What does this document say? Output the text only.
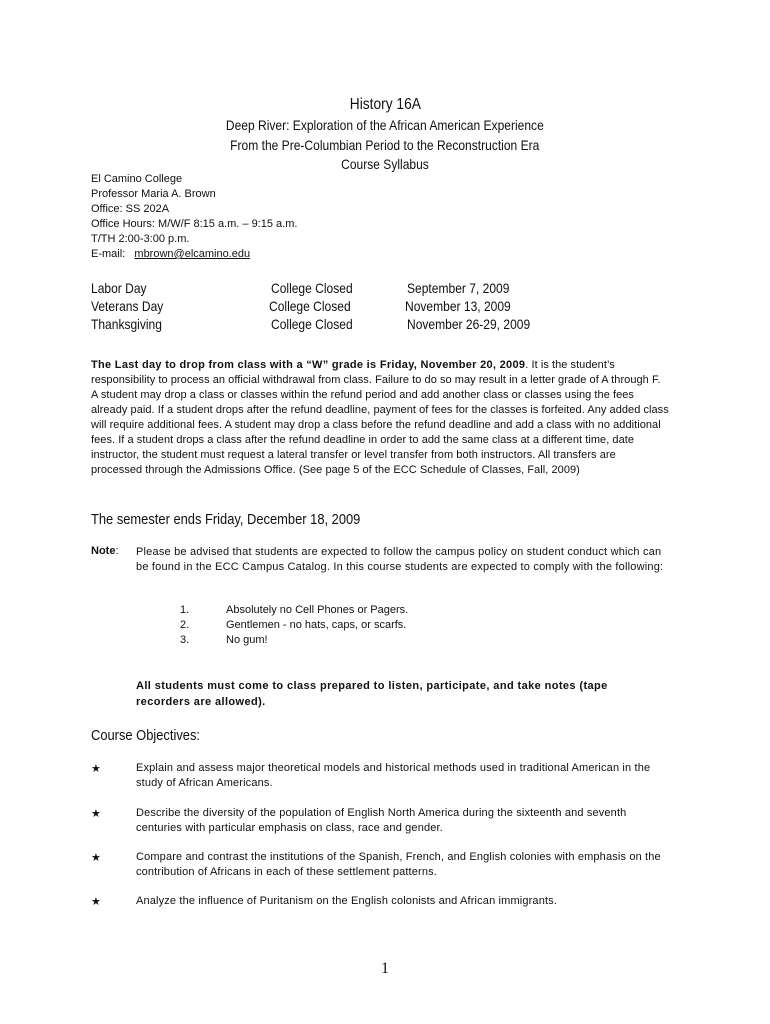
History 16A
Deep River: Exploration of the African American Experience
From the Pre-Columbian Period to the Reconstruction Era
Course Syllabus
El Camino College
Professor Maria A. Brown
Office: SS 202A
Office Hours: M/W/F 8:15 a.m. – 9:15 a.m.
T/TH 2:00-3:00 p.m.
E-mail: mbrown@elcamino.edu
Labor Day	College Closed	September 7, 2009
Veterans Day	College Closed	November 13, 2009
Thanksgiving	College Closed	November 26-29, 2009
The Last day to drop from class with a “W” grade is Friday, November 20, 2009. It is the student’s responsibility to process an official withdrawal from class. Failure to do so may result in a letter grade of A through F. A student may drop a class or classes within the refund period and add another class or classes using the fees already paid. If a student drops after the refund deadline, payment of fees for the classes is forfeited. Any added class will require additional fees. A student may drop a class before the refund deadline and add a class with no additional fees. If a student drops a class after the refund deadline in order to add the same class at a different time, date instructor, the student must request a lateral transfer or level transfer from both instructors. All transfers are processed through the Admissions Office. (See page 5 of the ECC Schedule of Classes, Fall, 2009)
The semester ends Friday, December 18, 2009
Note: Please be advised that students are expected to follow the campus policy on student conduct which can be found in the ECC Campus Catalog. In this course students are expected to comply with the following:
1.	Absolutely no Cell Phones or Pagers.
2.	Gentlemen - no hats, caps, or scarfs.
3.	No gum!
All students must come to class prepared to listen, participate, and take notes (tape recorders are allowed).
Course Objectives:
★	Explain and assess major theoretical models and historical methods used in traditional American in the study of African Americans.
★	Describe the diversity of the population of English North America during the sixteenth and seventh centuries with particular emphasis on class, race and gender.
★	Compare and contrast the institutions of the Spanish, French, and English colonies with emphasis on the contribution of Africans in each of these settlement patterns.
★	Analyze the influence of Puritanism on the English colonists and African immigrants.
1
